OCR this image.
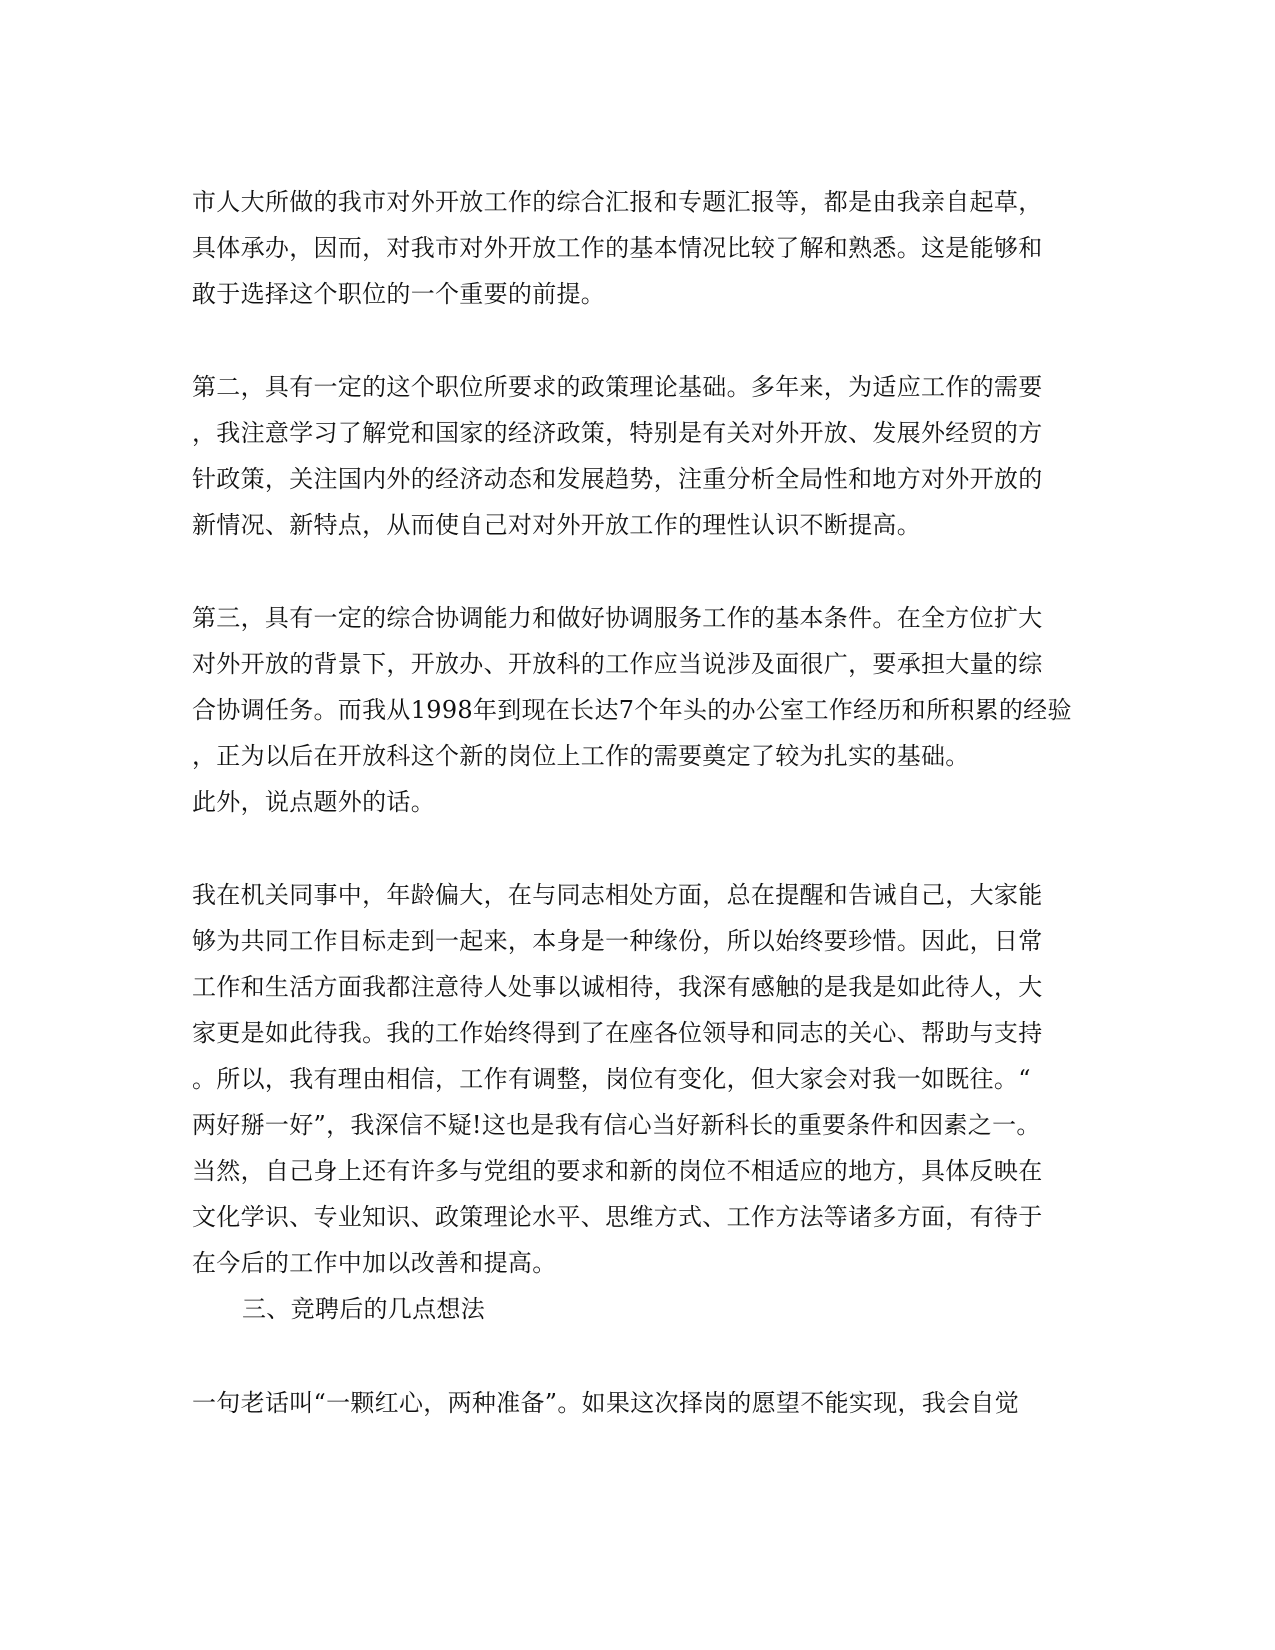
市人大所做的我市对外开放工作的综合汇报和专题汇报等，都是由我亲自起草，
具体承办，因而，对我市对外开放工作的基本情况比较了解和熟悉。这是能够和
敢于选择这个职位的一个重要的前提。
第二，具有一定的这个职位所要求的政策理论基础。多年来，为适应工作的需要
，我注意学习了解党和国家的经济政策，特别是有关对外开放、发展外经贸的方
针政策，关注国内外的经济动态和发展趋势，注重分析全局性和地方对外开放的
新情况、新特点，从而使自己对对外开放工作的理性认识不断提高。
第三，具有一定的综合协调能力和做好协调服务工作的基本条件。在全方位扩大
对外开放的背景下，开放办、开放科的工作应当说涉及面很广，要承担大量的综
合协调任务。而我从1998年到现在长达7个年头的办公室工作经历和所积累的经验
，正为以后在开放科这个新的岗位上工作的需要奠定了较为扎实的基础。
此外，说点题外的话。
我在机关同事中，年龄偏大，在与同志相处方面，总在提醒和告诫自己，大家能
够为共同工作目标走到一起来，本身是一种缘份，所以始终要珍惜。因此，日常
工作和生活方面我都注意待人处事以诚相待，我深有感触的是我是如此待人，大
家更是如此待我。我的工作始终得到了在座各位领导和同志的关心、帮助与支持
。所以，我有理由相信，工作有调整，岗位有变化，但大家会对我一如既往。“
两好掰一好”，我深信不疑!这也是我有信心当好新科长的重要条件和因素之一。
当然，自己身上还有许多与党组的要求和新的岗位不相适应的地方，具体反映在
文化学识、专业知识、政策理论水平、思维方式、工作方法等诸多方面，有待于
在今后的工作中加以改善和提高。
三、竞聘后的几点想法
一句老话叫“一颗红心，两种准备”。如果这次择岗的愿望不能实现，我会自觉
